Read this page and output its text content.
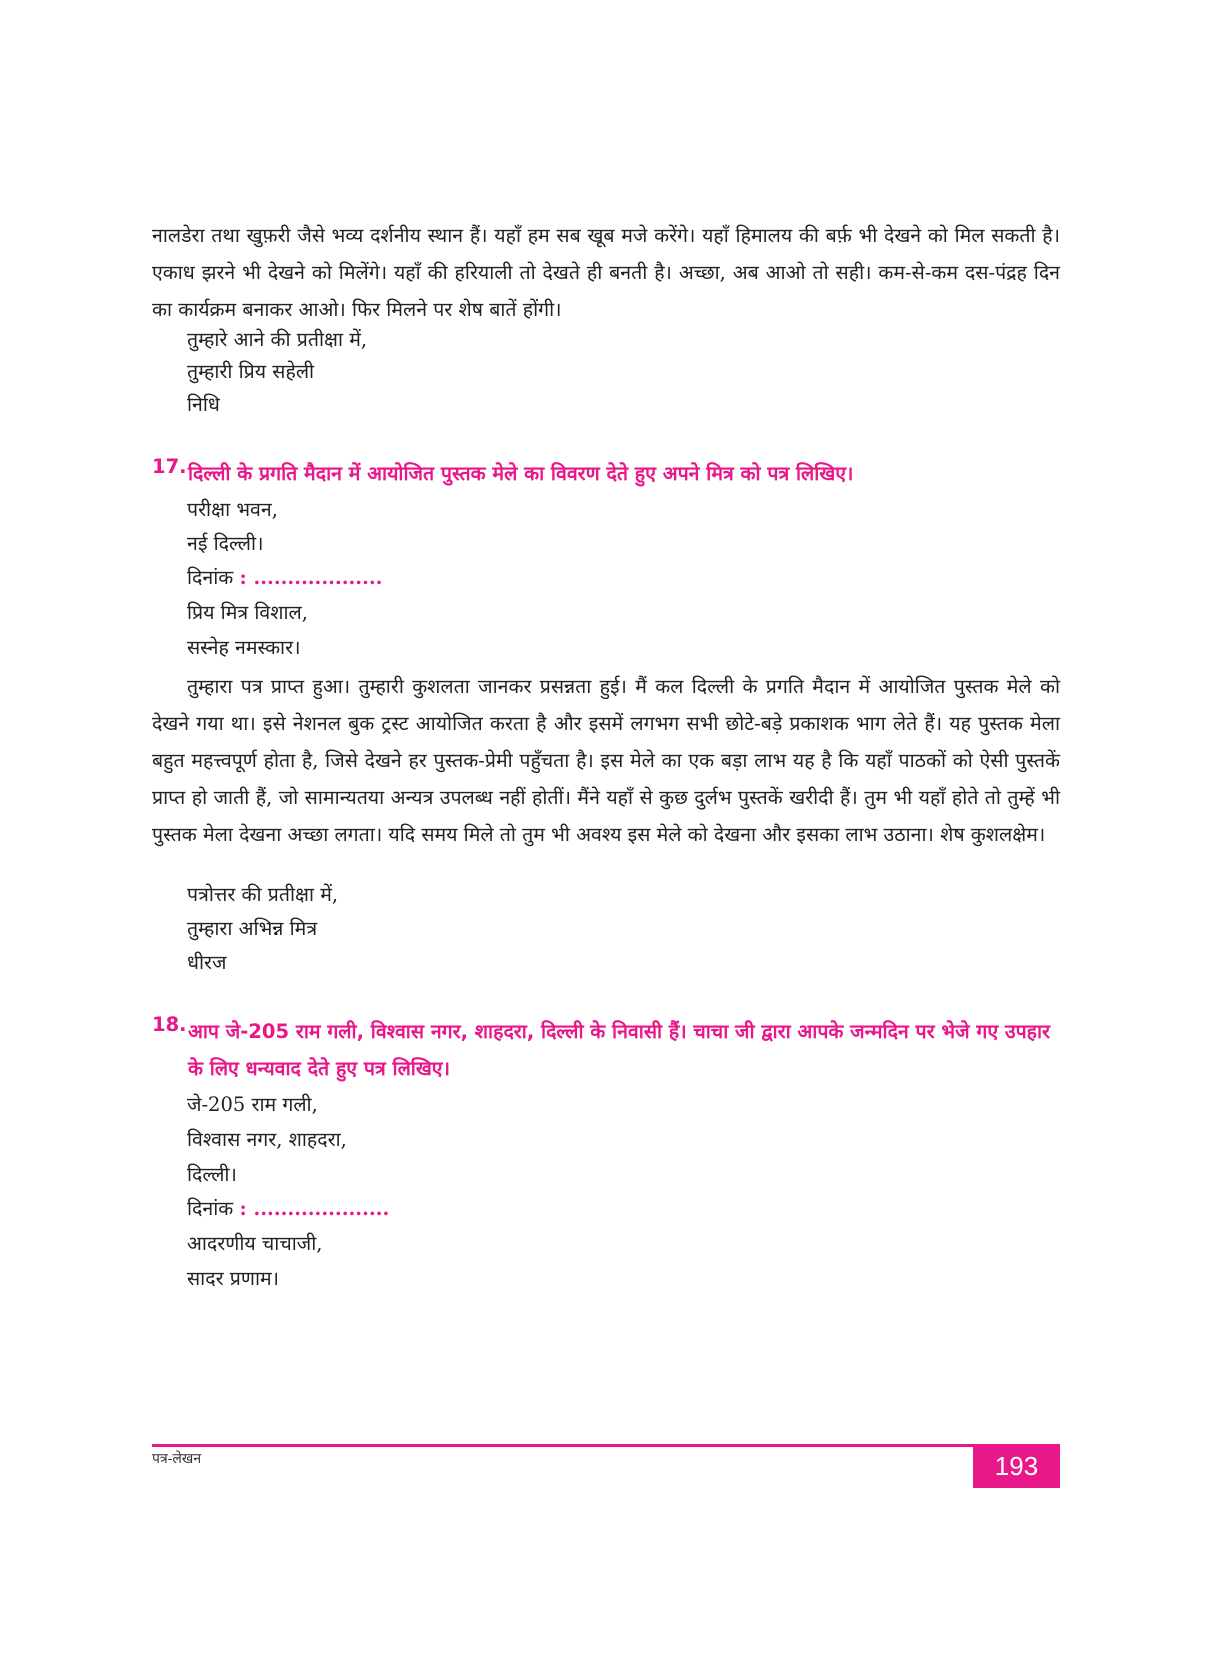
नालडेरा तथा खुफ़री जैसे भव्य दर्शनीय स्थान हैं। यहाँ हम सब खूब मजे करेंगे। यहाँ हिमालय की बर्फ़ भी देखने को मिल सकती है। एकाध झरने भी देखने को मिलेंगे। यहाँ की हरियाली तो देखते ही बनती है। अच्छा, अब आओ तो सही। कम-से-कम दस-पंद्रह दिन का कार्यक्रम बनाकर आओ। फिर मिलने पर शेष बातें होंगी।

तुम्हारे आने की प्रतीक्षा में,

तुम्हारी प्रिय सहेली

निधि

17. दिल्ली के प्रगति मैदान में आयोजित पुस्तक मेले का विवरण देते हुए अपने मित्र को पत्र लिखिए।

परीक्षा भवन,

नई दिल्ली।

दिनांक : ...................

प्रिय मित्र विशाल,

सस्नेह नमस्कार।

तुम्हारा पत्र प्राप्त हुआ। तुम्हारी कुशलता जानकर प्रसन्नता हुई। मैं कल दिल्ली के प्रगति मैदान में आयोजित पुस्तक मेले को देखने गया था। इसे नेशनल बुक ट्रस्ट आयोजित करता है और इसमें लगभग सभी छोटे-बड़े प्रकाशक भाग लेते हैं। यह पुस्तक मेला बहुत महत्त्वपूर्ण होता है, जिसे देखने हर पुस्तक-प्रेमी पहुँचता है। इस मेले का एक बड़ा लाभ यह है कि यहाँ पाठकों को ऐसी पुस्तकें प्राप्त हो जाती हैं, जो सामान्यतया अन्यत्र उपलब्ध नहीं होतीं। मैंने यहाँ से कुछ दुर्लभ पुस्तकें खरीदी हैं। तुम भी यहाँ होते तो तुम्हें भी पुस्तक मेला देखना अच्छा लगता। यदि समय मिले तो तुम भी अवश्य इस मेले को देखना और इसका लाभ उठाना। शेष कुशलक्षेम।

पत्रोत्तर की प्रतीक्षा में,

तुम्हारा अभिन्न मित्र

धीरज

18. आप जे-205 राम गली, विश्वास नगर, शाहदरा, दिल्ली के निवासी हैं। चाचा जी द्वारा आपके जन्मदिन पर भेजे गए उपहार के लिए धन्यवाद देते हुए पत्र लिखिए।

जे-205 राम गली,

विश्वास नगर, शाहदरा,

दिल्ली।

दिनांक : ....................

आदरणीय चाचाजी,

सादर प्रणाम।

पत्र-लेखन	193
